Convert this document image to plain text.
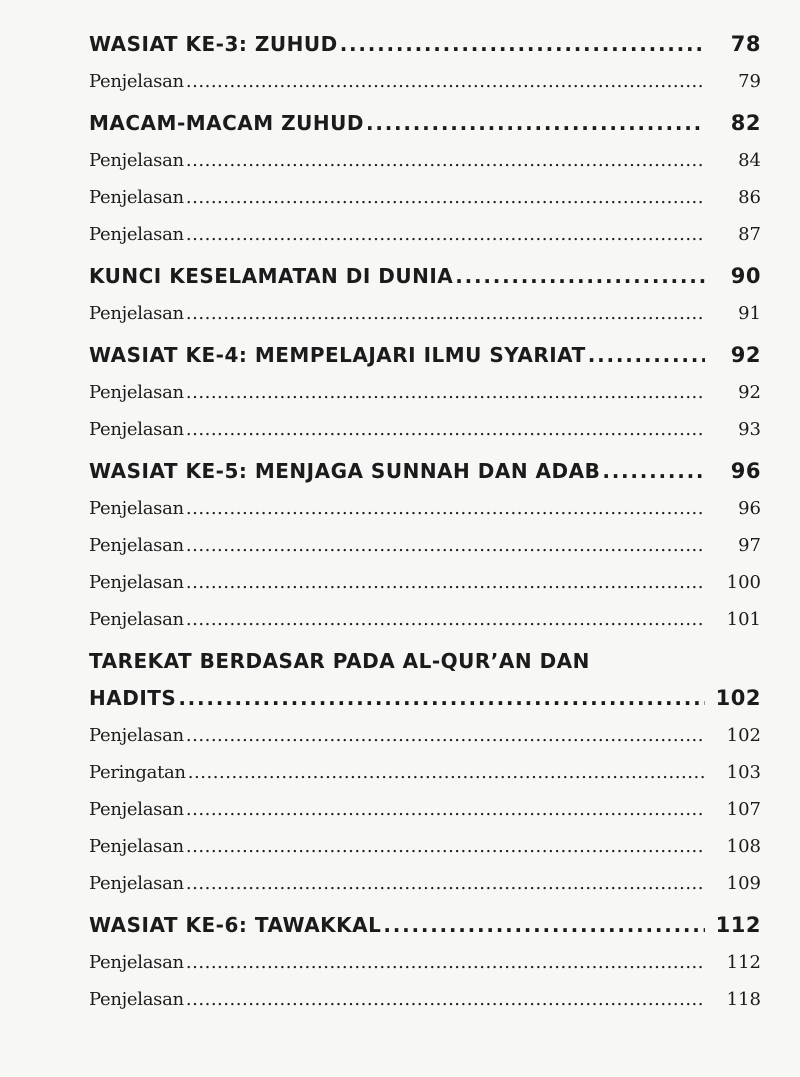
WASIAT KE-3: ZUHUD . . .	78
Penjelasan . . .	79
MACAM-MACAM ZUHUD . . .	82
Penjelasan . . .	84
Penjelasan . . .	86
Penjelasan . . .	87
KUNCI KESELAMATAN DI DUNIA . . .	90
Penjelasan . . .	91
WASIAT KE-4: MEMPELAJARI ILMU SYARIAT . . .	92
Penjelasan . . .	92
Penjelasan . . .	93
WASIAT KE-5: MENJAGA SUNNAH DAN ADAB . . .	96
Penjelasan . . .	96
Penjelasan . . .	97
Penjelasan . . .	100
Penjelasan . . .	101
TAREKAT BERDASAR PADA AL-QUR’AN DAN
HADITS . . .	102
Penjelasan . . .	102
Peringatan . . .	103
Penjelasan . . .	107
Penjelasan . . .	108
Penjelasan . . .	109
WASIAT KE-6: TAWAKKAL . . .	112
Penjelasan . . .	112
Penjelasan . . .	118
